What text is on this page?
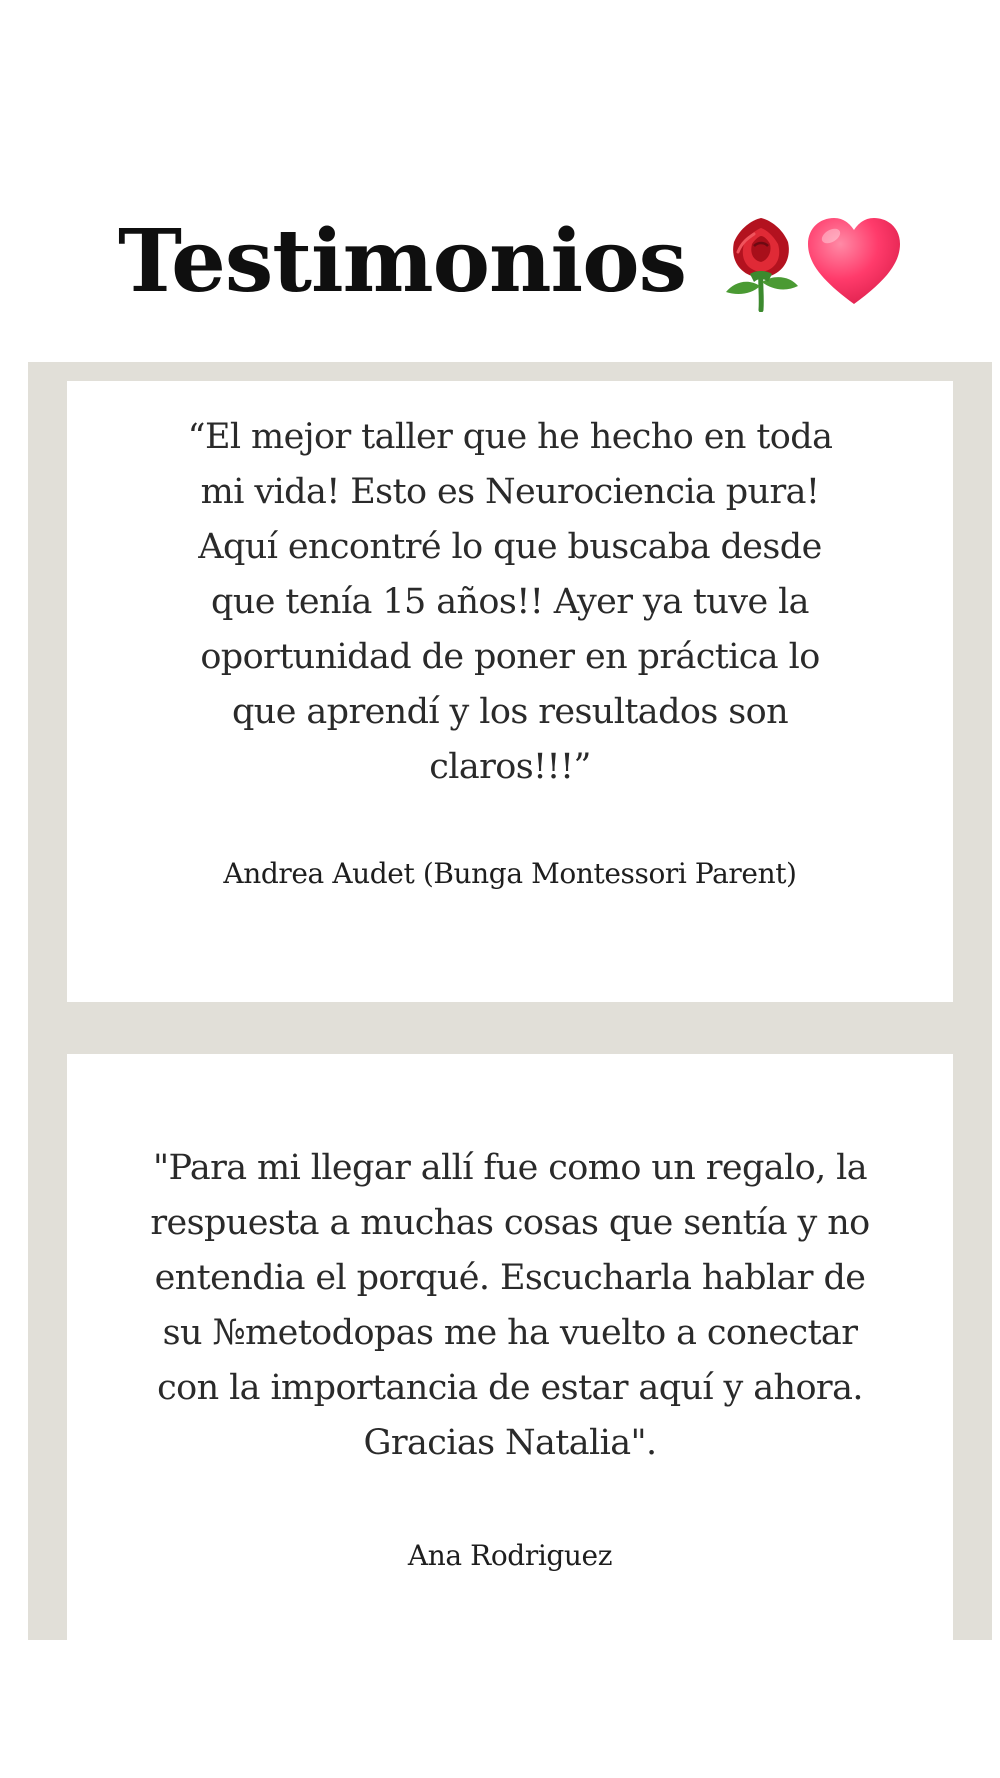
Testimonios

“El mejor taller que he hecho en toda mi vida! Esto es Neurociencia pura! Aquí encontré lo que buscaba desde que tenía 15 años!! Ayer ya tuve la oportunidad de poner en práctica lo que aprendí y los resultados son claros!!!”

Andrea Audet (Bunga Montessori Parent)

"Para mi llegar allí fue como un regalo, la respuesta a muchas cosas que sentía y no entendia el porqué. Escucharla hablar de su №metodopas me ha vuelto a conectar con la importancia de estar aquí y ahora. Gracias Natalia".

Ana Rodriguez
